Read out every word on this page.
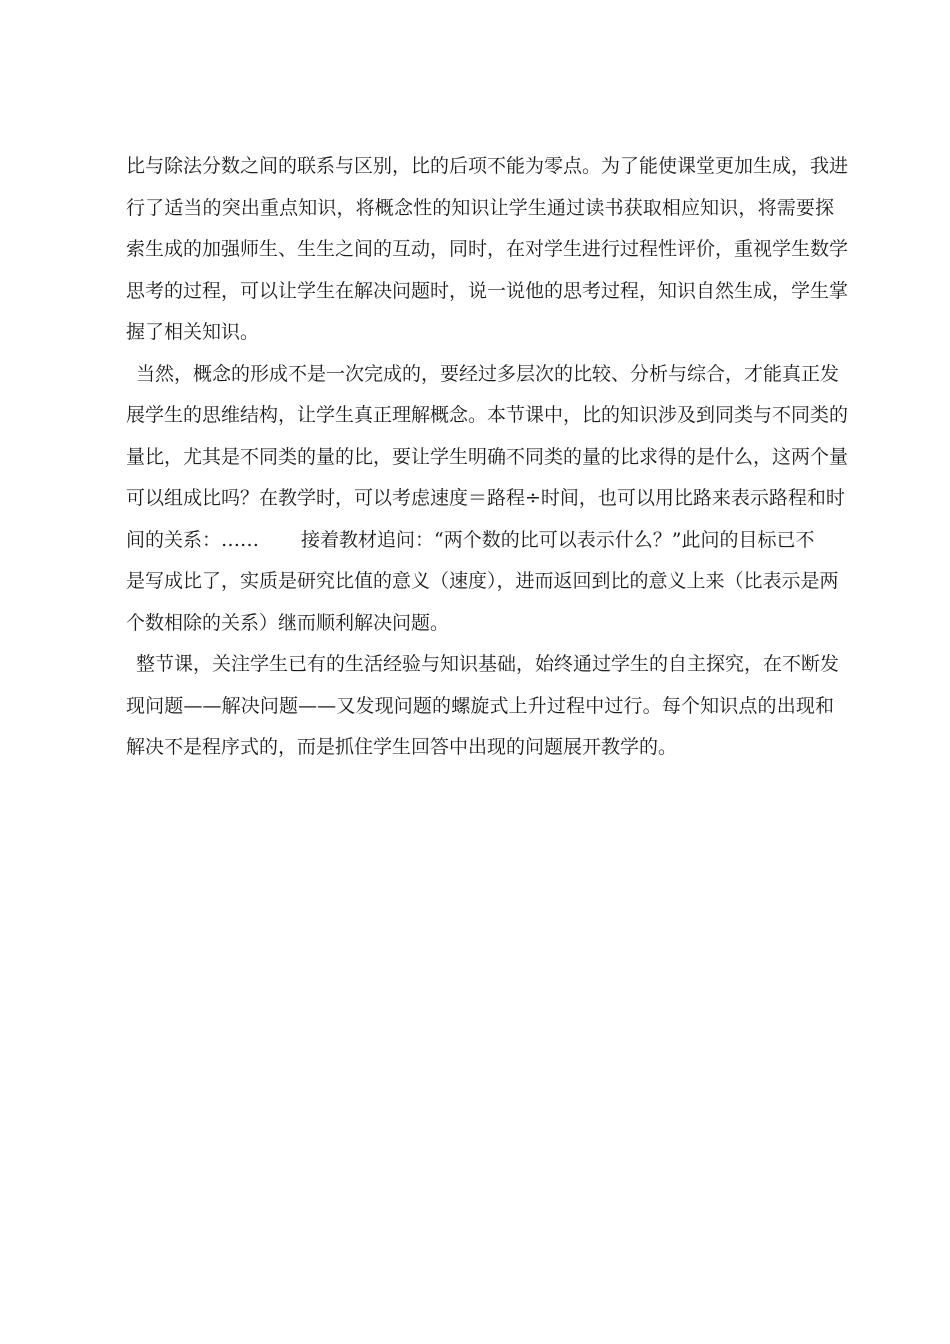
比与除法分数之间的联系与区别，比的后项不能为零点。为了能使课堂更加生成，我进
行了适当的突出重点知识，将概念性的知识让学生通过读书获取相应知识，将需要探
索生成的加强师生、生生之间的互动，同时，在对学生进行过程性评价，重视学生数学
思考的过程，可以让学生在解决问题时，说一说他的思考过程，知识自然生成，学生掌
握了相关知识。
当然，概念的形成不是一次完成的，要经过多层次的比较、分析与综合，才能真正发
展学生的思维结构，让学生真正理解概念。本节课中，比的知识涉及到同类与不同类的
量比，尤其是不同类的量的比，要让学生明确不同类的量的比求得的是什么，这两个量
可以组成比吗？在教学时，可以考虑速度＝路程÷时间，也可以用比路来表示路程和时
间的关系：…… 接着教材追问：“两个数的比可以表示什么？”此问的目标已不
是写成比了，实质是研究比值的意义（速度），进而返回到比的意义上来（比表示是两
个数相除的关系）继而顺利解决问题。
整节课，关注学生已有的生活经验与知识基础，始终通过学生的自主探究，在不断发
现问题——解决问题——又发现问题的螺旋式上升过程中过行。每个知识点的出现和
解决不是程序式的，而是抓住学生回答中出现的问题展开教学的。
